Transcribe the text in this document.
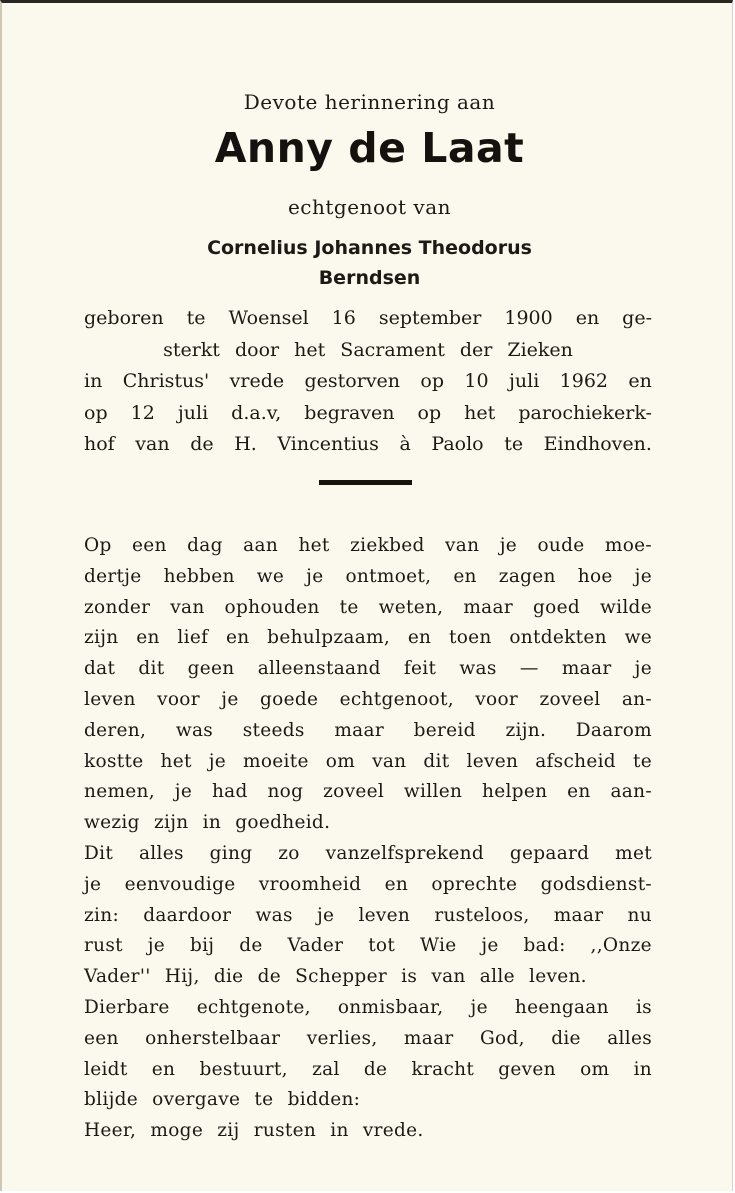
Devote herinnering aan
Anny de Laat
echtgenoot van
Cornelius Johannes Theodorus
Berndsen
geboren te Woensel 16 september 1900 en ge-
sterkt door het Sacrament der Zieken
in Christus' vrede gestorven op 10 juli 1962 en
op 12 juli d.a.v, begraven op het parochiekerk-
hof van de H. Vincentius à Paolo te Eindhoven.
Op een dag aan het ziekbed van je oude moe-
dertje hebben we je ontmoet, en zagen hoe je
zonder van ophouden te weten, maar goed wilde
zijn en lief en behulpzaam, en toen ontdekten we
dat dit geen alleenstaand feit was — maar je
leven voor je goede echtgenoot, voor zoveel an-
deren, was steeds maar bereid zijn. Daarom
kostte het je moeite om van dit leven afscheid te
nemen, je had nog zoveel willen helpen en aan-
wezig zijn in goedheid.
Dit alles ging zo vanzelfsprekend gepaard met
je eenvoudige vroomheid en oprechte godsdienst-
zin: daardoor was je leven rusteloos, maar nu
rust je bij de Vader tot Wie je bad: ,,Onze
Vader'' Hij, die de Schepper is van alle leven.
Dierbare echtgenote, onmisbaar, je heengaan is
een onherstelbaar verlies, maar God, die alles
leidt en bestuurt, zal de kracht geven om in
blijde overgave te bidden:
Heer, moge zij rusten in vrede.
